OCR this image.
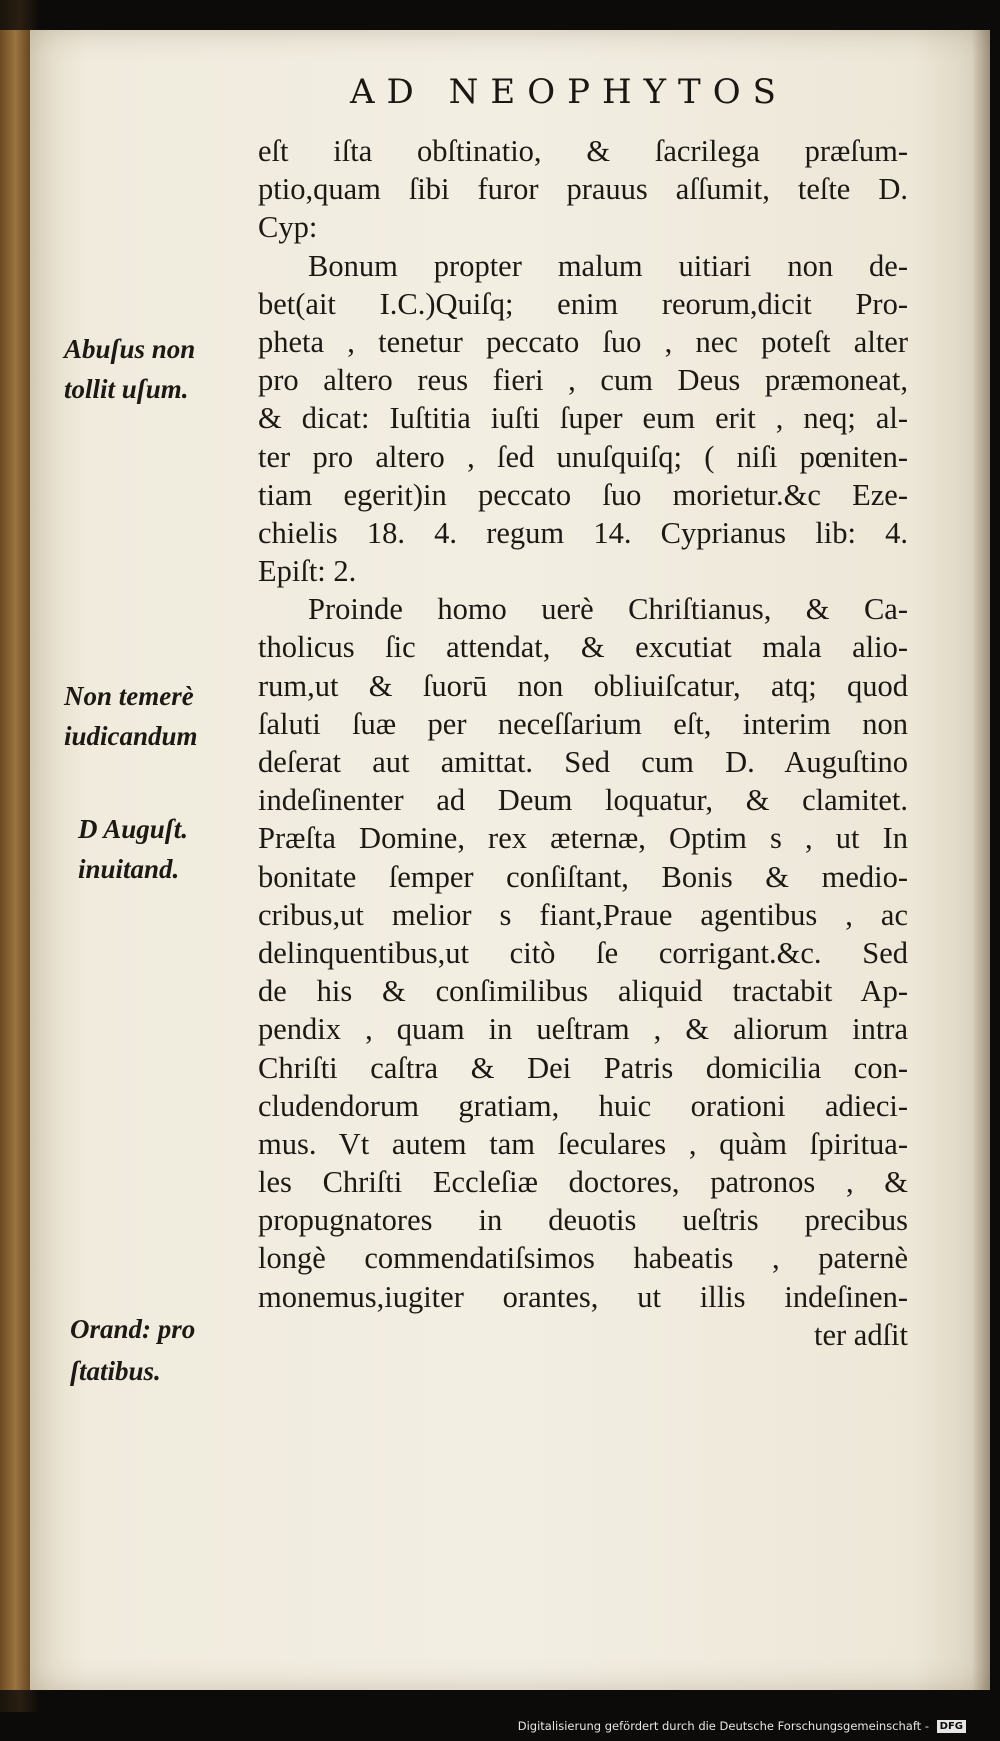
AD NEOPHYTOS
eſt iſta obſtinatio, & ſacrilega præſum-
ptio,quam ſibi furor prauus aſſumit, teſte D.
Cyp:
Bonum propter malum uitiari non de-
bet(ait I.C.)Quiſq; enim reorum,dicit Pro-
pheta , tenetur peccato ſuo , nec poteſt alter
pro altero reus fieri , cum Deus præmoneat,
& dicat: Iuſtitia iuſti ſuper eum erit , neq; al-
ter pro altero , ſed unuſquiſq; ( niſi pœniten-
tiam egerit)in peccato ſuo morietur.&c Eze-
chielis 18. 4. regum 14. Cyprianus lib: 4.
Epiſt: 2.
Proinde homo uerè Chriſtianus, & Ca-
tholicus ſic attendat, & excutiat mala alio-
rum,ut & ſuorū non obliuiſcatur, atq; quod
ſaluti ſuæ per neceſſarium eſt, interim non
deſerat aut amittat. Sed cum D. Auguſtino
indeſinenter ad Deum loquatur, & clamitet.
Præſta Domine, rex æternæ, Optim s , ut In
bonitate ſemper conſiſtant, Bonis & medio-
cribus,ut melior s fiant,Praue agentibus , ac
delinquentibus,ut citò ſe corrigant.&c. Sed
de his & conſimilibus aliquid tractabit Ap-
pendix , quam in ueſtram , & aliorum intra
Chriſti caſtra & Dei Patris domicilia con-
cludendorum gratiam, huic orationi adieci-
mus. Vt autem tam ſeculares , quàm ſpiritua-
les Chriſti Eccleſiæ doctores, patronos , &
propugnatores in deuotis ueſtris precibus
longè commendatiſsimos habeatis , paternè
monemus,iugiter orantes, ut illis indeſinen-
ter adſit
Abuſus non
tollit uſum.
Non temerè
iudicandum
D Auguſt.
inuitand.
Orand: pro
ſtatibus.
Digitalisierung gefördert durch die Deutsche Forschungsgemeinschaft - DFG
